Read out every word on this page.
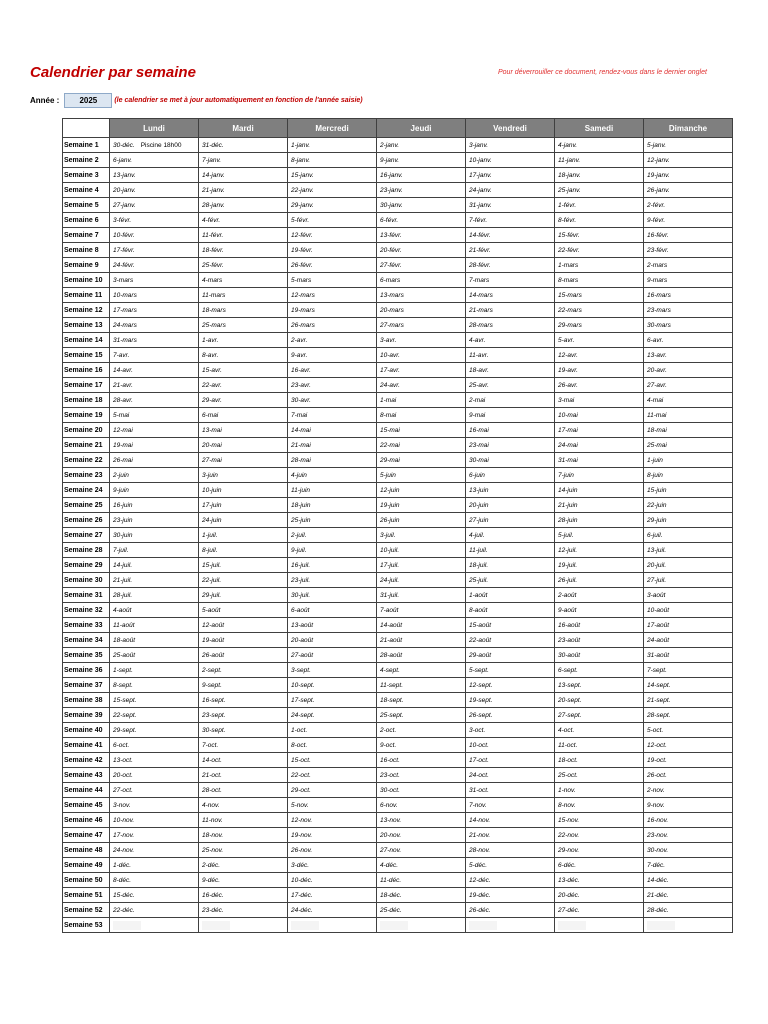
Calendrier par semaine	Pour déverrouiller ce document, rendez-vous dans le dernier onglet
Année :
2025	(le calendrier se met à jour automatiquement en fonction de l'année saisie)
	Lundi	Mardi	Mercredi	Jeudi	Vendredi	Samedi	Dimanche
Semaine 1	30-déc. Piscine 18h00	31-déc.	1-janv.	2-janv.	3-janv.	4-janv.	5-janv.
Semaine 2	6-janv.	7-janv.	8-janv.	9-janv.	10-janv.	11-janv.	12-janv.
Semaine 3	13-janv.	14-janv.	15-janv.	16-janv.	17-janv.	18-janv.	19-janv.
Semaine 4	20-janv.	21-janv.	22-janv.	23-janv.	24-janv.	25-janv.	26-janv.
Semaine 5	27-janv.	28-janv.	29-janv.	30-janv.	31-janv.	1-févr.	2-févr.
Semaine 6	3-févr.	4-févr.	5-févr.	6-févr.	7-févr.	8-févr.	9-févr.
Semaine 7	10-févr.	11-févr.	12-févr.	13-févr.	14-févr.	15-févr.	16-févr.
Semaine 8	17-févr.	18-févr.	19-févr.	20-févr.	21-févr.	22-févr.	23-févr.
Semaine 9	24-févr.	25-févr.	26-févr.	27-févr.	28-févr.	1-mars	2-mars
Semaine 10	3-mars	4-mars	5-mars	6-mars	7-mars	8-mars	9-mars
Semaine 11	10-mars	11-mars	12-mars	13-mars	14-mars	15-mars	16-mars
Semaine 12	17-mars	18-mars	19-mars	20-mars	21-mars	22-mars	23-mars
Semaine 13	24-mars	25-mars	26-mars	27-mars	28-mars	29-mars	30-mars
Semaine 14	31-mars	1-avr.	2-avr.	3-avr.	4-avr.	5-avr.	6-avr.
Semaine 15	7-avr.	8-avr.	9-avr.	10-avr.	11-avr.	12-avr.	13-avr.
Semaine 16	14-avr.	15-avr.	16-avr.	17-avr.	18-avr.	19-avr.	20-avr.
Semaine 17	21-avr.	22-avr.	23-avr.	24-avr.	25-avr.	26-avr.	27-avr.
Semaine 18	28-avr.	29-avr.	30-avr.	1-mai	2-mai	3-mai	4-mai
Semaine 19	5-mai	6-mai	7-mai	8-mai	9-mai	10-mai	11-mai
Semaine 20	12-mai	13-mai	14-mai	15-mai	16-mai	17-mai	18-mai
Semaine 21	19-mai	20-mai	21-mai	22-mai	23-mai	24-mai	25-mai
Semaine 22	26-mai	27-mai	28-mai	29-mai	30-mai	31-mai	1-juin
Semaine 23	2-juin	3-juin	4-juin	5-juin	6-juin	7-juin	8-juin
Semaine 24	9-juin	10-juin	11-juin	12-juin	13-juin	14-juin	15-juin
Semaine 25	16-juin	17-juin	18-juin	19-juin	20-juin	21-juin	22-juin
Semaine 26	23-juin	24-juin	25-juin	26-juin	27-juin	28-juin	29-juin
Semaine 27	30-juin	1-juil.	2-juil.	3-juil.	4-juil.	5-juil.	6-juil.
Semaine 28	7-juil.	8-juil.	9-juil.	10-juil.	11-juil.	12-juil.	13-juil.
Semaine 29	14-juil.	15-juil.	16-juil.	17-juil.	18-juil.	19-juil.	20-juil.
Semaine 30	21-juil.	22-juil.	23-juil.	24-juil.	25-juil.	26-juil.	27-juil.
Semaine 31	28-juil.	29-juil.	30-juil.	31-juil.	1-août	2-août	3-août
Semaine 32	4-août	5-août	6-août	7-août	8-août	9-août	10-août
Semaine 33	11-août	12-août	13-août	14-août	15-août	16-août	17-août
Semaine 34	18-août	19-août	20-août	21-août	22-août	23-août	24-août
Semaine 35	25-août	26-août	27-août	28-août	29-août	30-août	31-août
Semaine 36	1-sept.	2-sept.	3-sept.	4-sept.	5-sept.	6-sept.	7-sept.
Semaine 37	8-sept.	9-sept.	10-sept.	11-sept.	12-sept.	13-sept.	14-sept.
Semaine 38	15-sept.	16-sept.	17-sept.	18-sept.	19-sept.	20-sept.	21-sept.
Semaine 39	22-sept.	23-sept.	24-sept.	25-sept.	26-sept.	27-sept.	28-sept.
Semaine 40	29-sept.	30-sept.	1-oct.	2-oct.	3-oct.	4-oct.	5-oct.
Semaine 41	6-oct.	7-oct.	8-oct.	9-oct.	10-oct.	11-oct.	12-oct.
Semaine 42	13-oct.	14-oct.	15-oct.	16-oct.	17-oct.	18-oct.	19-oct.
Semaine 43	20-oct.	21-oct.	22-oct.	23-oct.	24-oct.	25-oct.	26-oct.
Semaine 44	27-oct.	28-oct.	29-oct.	30-oct.	31-oct.	1-nov.	2-nov.
Semaine 45	3-nov.	4-nov.	5-nov.	6-nov.	7-nov.	8-nov.	9-nov.
Semaine 46	10-nov.	11-nov.	12-nov.	13-nov.	14-nov.	15-nov.	16-nov.
Semaine 47	17-nov.	18-nov.	19-nov.	20-nov.	21-nov.	22-nov.	23-nov.
Semaine 48	24-nov.	25-nov.	26-nov.	27-nov.	28-nov.	29-nov.	30-nov.
Semaine 49	1-déc.	2-déc.	3-déc.	4-déc.	5-déc.	6-déc.	7-déc.
Semaine 50	8-déc.	9-déc.	10-déc.	11-déc.	12-déc.	13-déc.	14-déc.
Semaine 51	15-déc.	16-déc.	17-déc.	18-déc.	19-déc.	20-déc.	21-déc.
Semaine 52	22-déc.	23-déc.	24-déc.	25-déc.	26-déc.	27-déc.	28-déc.
Semaine 53							
